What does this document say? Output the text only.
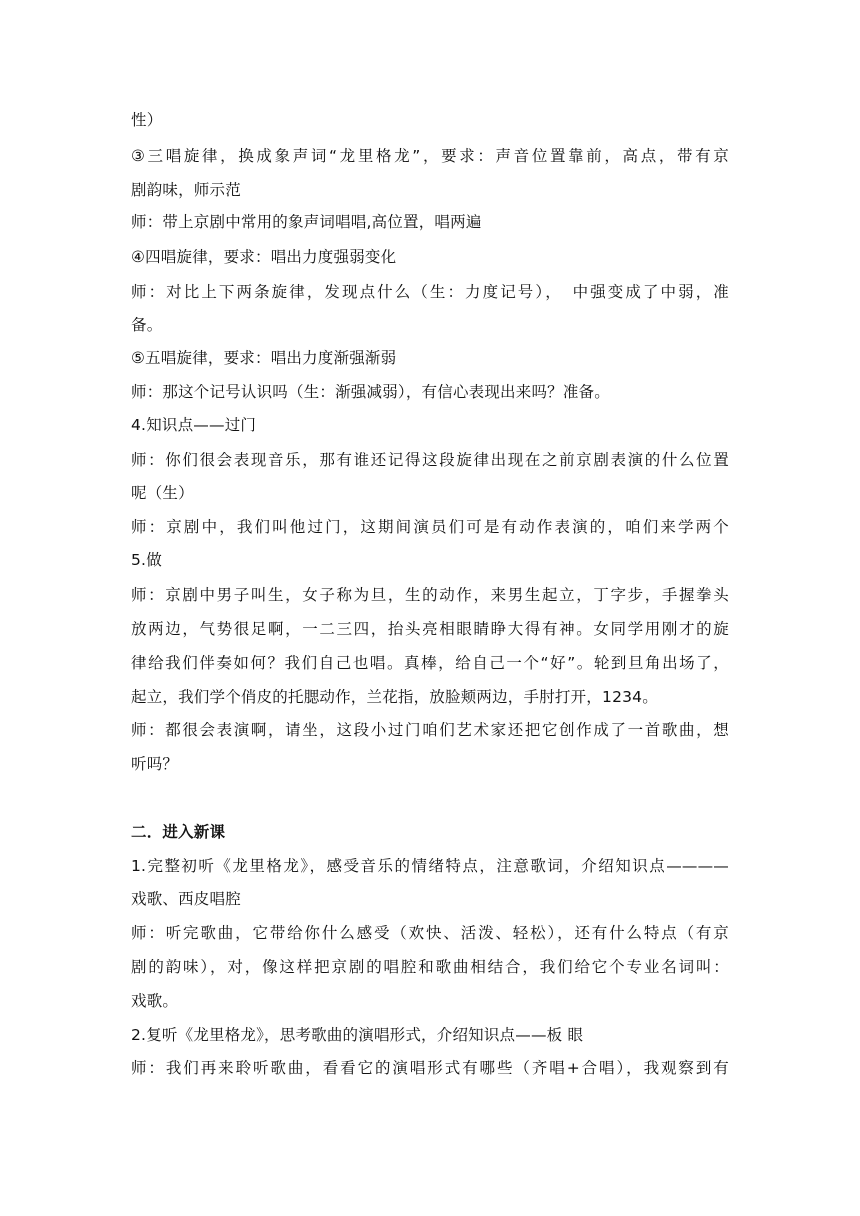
性）
③三唱旋律，换成象声词“龙里格龙”，要求：声音位置靠前，高点，带有京
剧韵味，师示范
师：带上京剧中常用的象声词唱唱,高位置，唱两遍
④四唱旋律，要求：唱出力度强弱变化
师：对比上下两条旋律，发现点什么（生：力度记号），　中强变成了中弱，准
备。
⑤五唱旋律，要求：唱出力度渐强渐弱
师：那这个记号认识吗（生：渐强减弱），有信心表现出来吗？准备。
4.知识点——过门
师：你们很会表现音乐，那有谁还记得这段旋律出现在之前京剧表演的什么位置
呢（生）
师：京剧中，我们叫他过门，这期间演员们可是有动作表演的，咱们来学两个
5.做
师：京剧中男子叫生，女子称为旦，生的动作，来男生起立，丁字步，手握拳头
放两边，气势很足啊，一二三四，抬头亮相眼睛睁大得有神。女同学用刚才的旋
律给我们伴奏如何？我们自己也唱。真棒，给自己一个“好”。轮到旦角出场了，
起立，我们学个俏皮的托腮动作，兰花指，放脸颊两边，手肘打开，1234。
师：都很会表演啊，请坐，这段小过门咱们艺术家还把它创作成了一首歌曲，想
听吗？
二．进入新课
1.完整初听《龙里格龙》，感受音乐的情绪特点，注意歌词，介绍知识点————
戏歌、西皮唱腔
师：听完歌曲，它带给你什么感受（欢快、活泼、轻松），还有什么特点（有京
剧的韵味），对，像这样把京剧的唱腔和歌曲相结合，我们给它个专业名词叫：
戏歌。
2.复听《龙里格龙》，思考歌曲的演唱形式，介绍知识点——板 眼
师：我们再来聆听歌曲，看看它的演唱形式有哪些（齐唱+合唱），我观察到有
